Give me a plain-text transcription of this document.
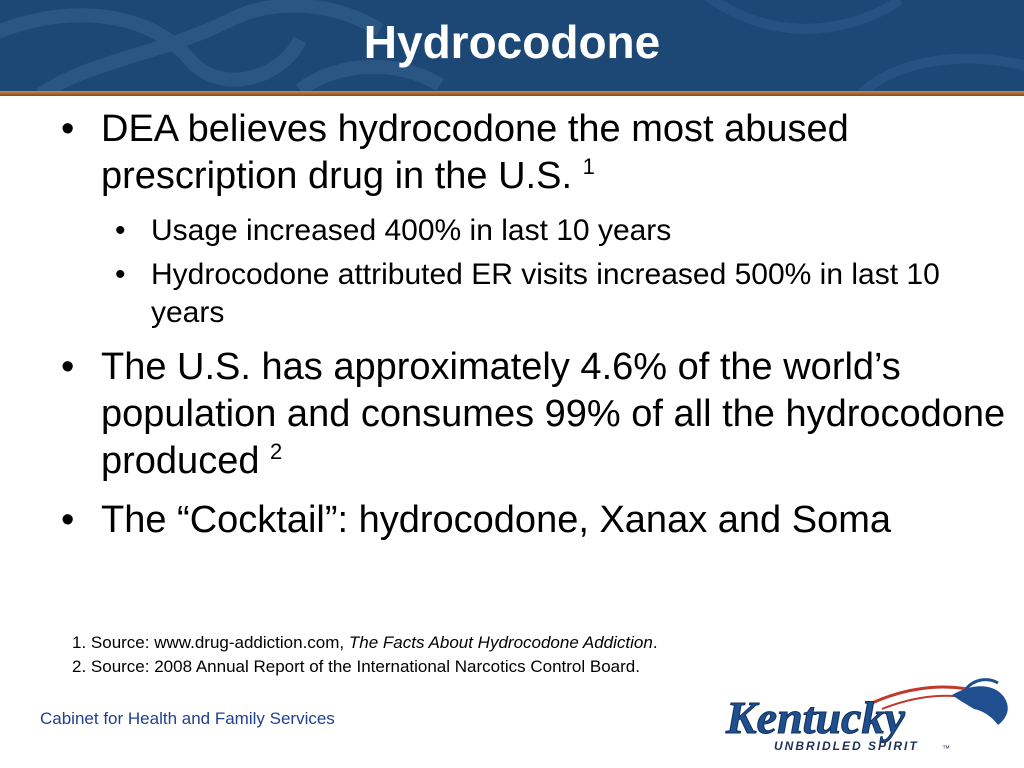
Hydrocodone
• DEA believes hydrocodone the most abused prescription drug in the U.S. $^1$
• Usage increased 400% in last 10 years
• Hydrocodone attributed ER visits increased 500% in last 10 years
• The U.S. has approximately 4.6% of the world’s population and consumes 99% of all the hydrocodone produced $^2$
• The “Cocktail”: hydrocodone, Xanax and Soma
1. Source: www.drug-addiction.com, The Facts About Hydrocodone Addiction.
2. Source: 2008 Annual Report of the International Narcotics Control Board.
Cabinet for Health and Family Services	Kentucky
UNBRIDLED SPIRIT	™
